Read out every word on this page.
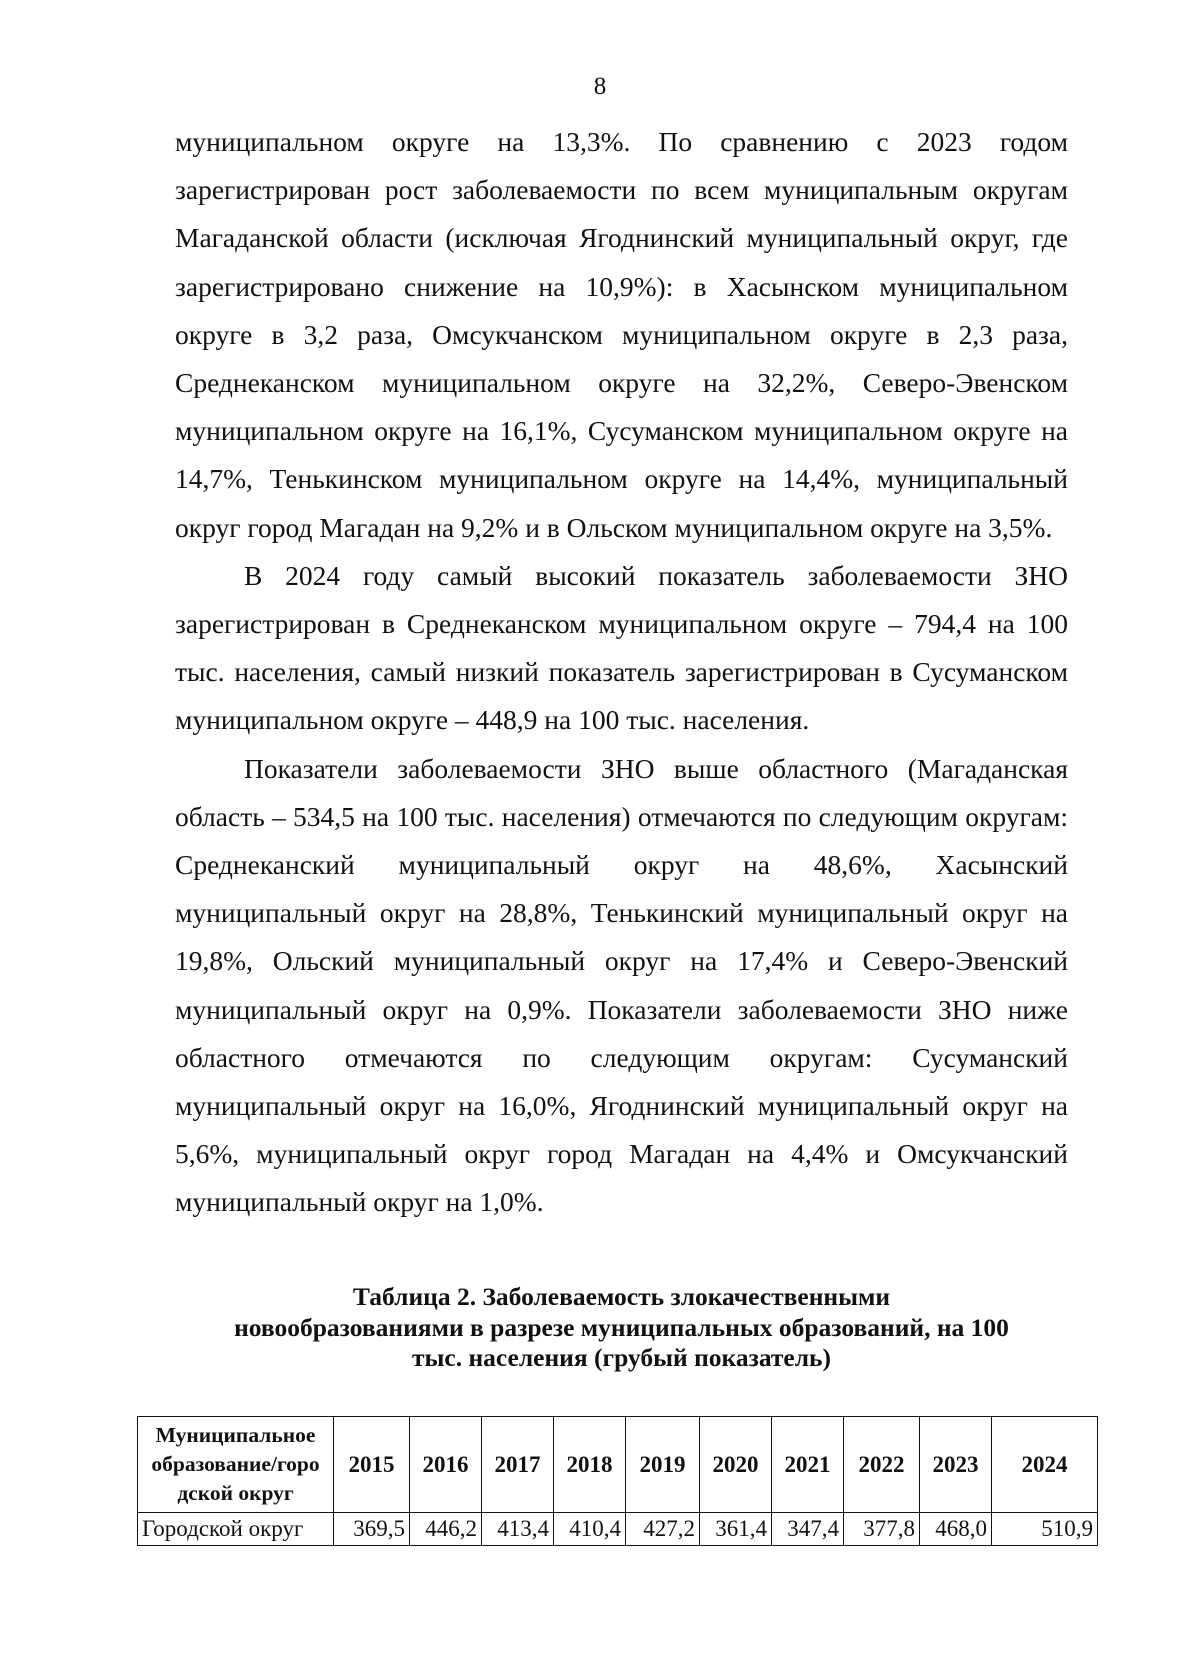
8

муниципальном округе на 13,3%. По сравнению с 2023 годом зарегистрирован рост заболеваемости по всем муниципальным округам Магаданской области (исключая Ягоднинский муниципальный округ, где зарегистрировано снижение на 10,9%): в Хасынском муниципальном округе в 3,2 раза, Омсукчанском муниципальном округе в 2,3 раза, Среднеканском муниципальном округе на 32,2%, Северо-Эвенском муниципальном округе на 16,1%, Сусуманском муниципальном округе на 14,7%, Тенькинском муниципальном округе на 14,4%, муниципальный округ город Магадан на 9,2% и в Ольском муниципальном округе на 3,5%.

В 2024 году самый высокий показатель заболеваемости ЗНО зарегистрирован в Среднеканском муниципальном округе – 794,4 на 100 тыс. населения, самый низкий показатель зарегистрирован в Сусуманском муниципальном округе – 448,9 на 100 тыс. населения.

Показатели заболеваемости ЗНО выше областного (Магаданская область – 534,5 на 100 тыс. населения) отмечаются по следующим округам: Среднеканский муниципальный округ на 48,6%, Хасынский муниципальный округ на 28,8%, Тенькинский муниципальный округ на 19,8%, Ольский муниципальный округ на 17,4% и Северо-Эвенский муниципальный округ на 0,9%. Показатели заболеваемости ЗНО ниже областного отмечаются по следующим округам: Сусуманский муниципальный округ на 16,0%, Ягоднинский муниципальный округ на 5,6%, муниципальный округ город Магадан на 4,4% и Омсукчанский муниципальный округ на 1,0%.

Таблица 2. Заболеваемость злокачественными
новообразованиями в разрезе муниципальных образований, на 100
тыс. населения (грубый показатель)
Муниципальное
образование/горо
дской округ	2015	2016	2017	2018	2019	2020	2021	2022	2023	2024
Городской округ	369,5	446,2	413,4	410,4	427,2	361,4	347,4	377,8	468,0	510,9
